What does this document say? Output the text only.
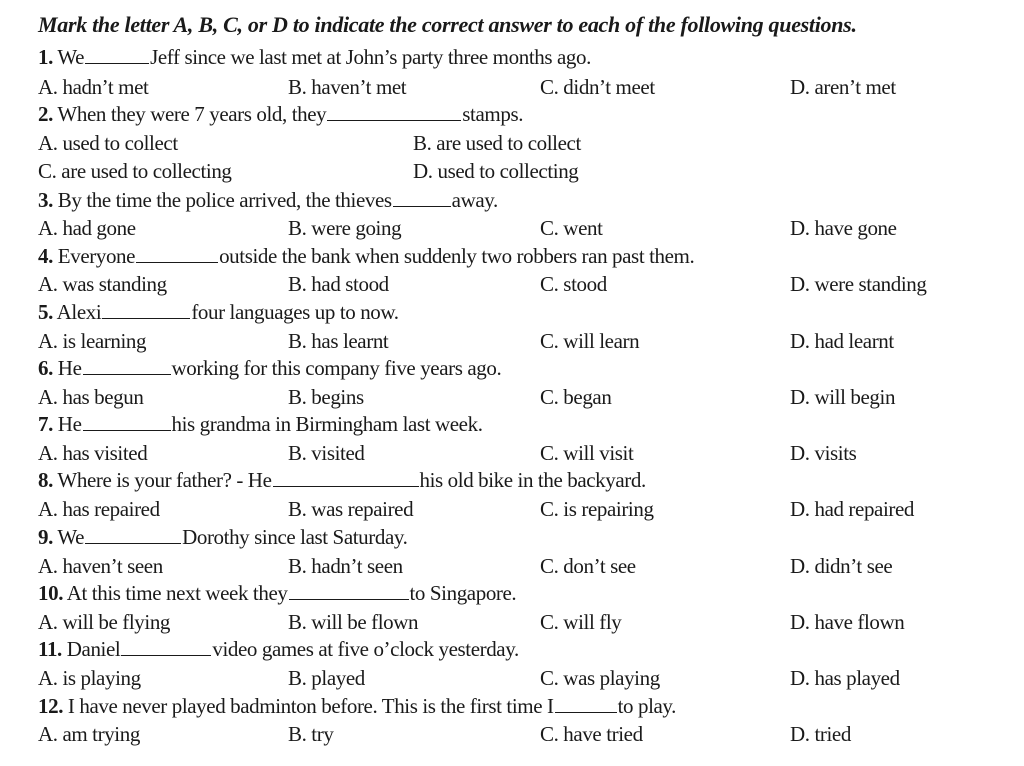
Mark the letter A, B, C, or D to indicate the correct answer to each of the following questions.
1. We	Jeff since we last met at John’s party three months ago.
A. hadn’t met	B. haven’t met	C. didn’t meet	D. aren’t met
2. When they were 7 years old, they	stamps.
A. used to collect	B. are used to collect
C. are used to collecting	D. used to collecting
3. By the time the police arrived, the thieves	away.
A. had gone	B. were going	C. went	D. have gone
4. Everyone	outside the bank when suddenly two robbers ran past them.
A. was standing	B. had stood	C. stood	D. were standing
5. Alexi	four languages up to now.
A. is learning	B. has learnt	C. will learn	D. had learnt
6. He	working for this company five years ago.
A. has begun	B. begins	C. began	D. will begin
7. He	his grandma in Birmingham last week.
A. has visited	B. visited	C. will visit	D. visits
8. Where is your father? - He	his old bike in the backyard.
A. has repaired	B. was repaired	C. is repairing	D. had repaired
9. We	Dorothy since last Saturday.
A. haven’t seen	B. hadn’t seen	C. don’t see	D. didn’t see
10. At this time next week they	to Singapore.
A. will be flying	B. will be flown	C. will fly	D. have flown
11. Daniel	video games at five o’clock yesterday.
A. is playing	B. played	C. was playing	D. has played
12. I have never played badminton before. This is the first time I	to play.
A. am trying	B. try	C. have tried	D. tried
